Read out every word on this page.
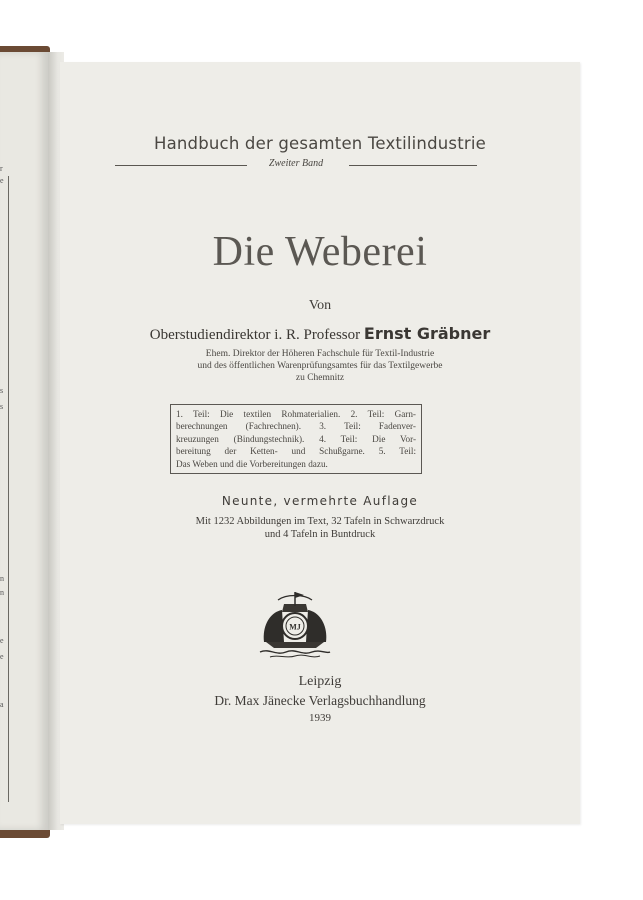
r
e
s
s
n
n
e
e
a
Handbuch der gesamten Textilindustrie
Zweiter Band
Die Weberei
Von
Oberstudiendirektor i. R. Professor Ernst Gräbner
Ehem. Direktor der Höheren Fachschule für Textil-Industrie
und des öffentlichen Warenprüfungsamtes für das Textilgewerbe
zu Chemnitz
1. Teil: Die textilen Rohmaterialien. 2. Teil: Garn-
berechnungen (Fachrechnen). 3. Teil: Fadenver-
kreuzungen (Bindungstechnik). 4. Teil: Die Vor-
bereitung der Ketten- und Schußgarne. 5. Teil:
Das Weben und die Vorbereitungen dazu.
Neunte, vermehrte Auflage
Mit 1232 Abbildungen im Text, 32 Tafeln in Schwarzdruck
und 4 Tafeln in Buntdruck
MJ
Leipzig
Dr. Max Jänecke Verlagsbuchhandlung
1939
